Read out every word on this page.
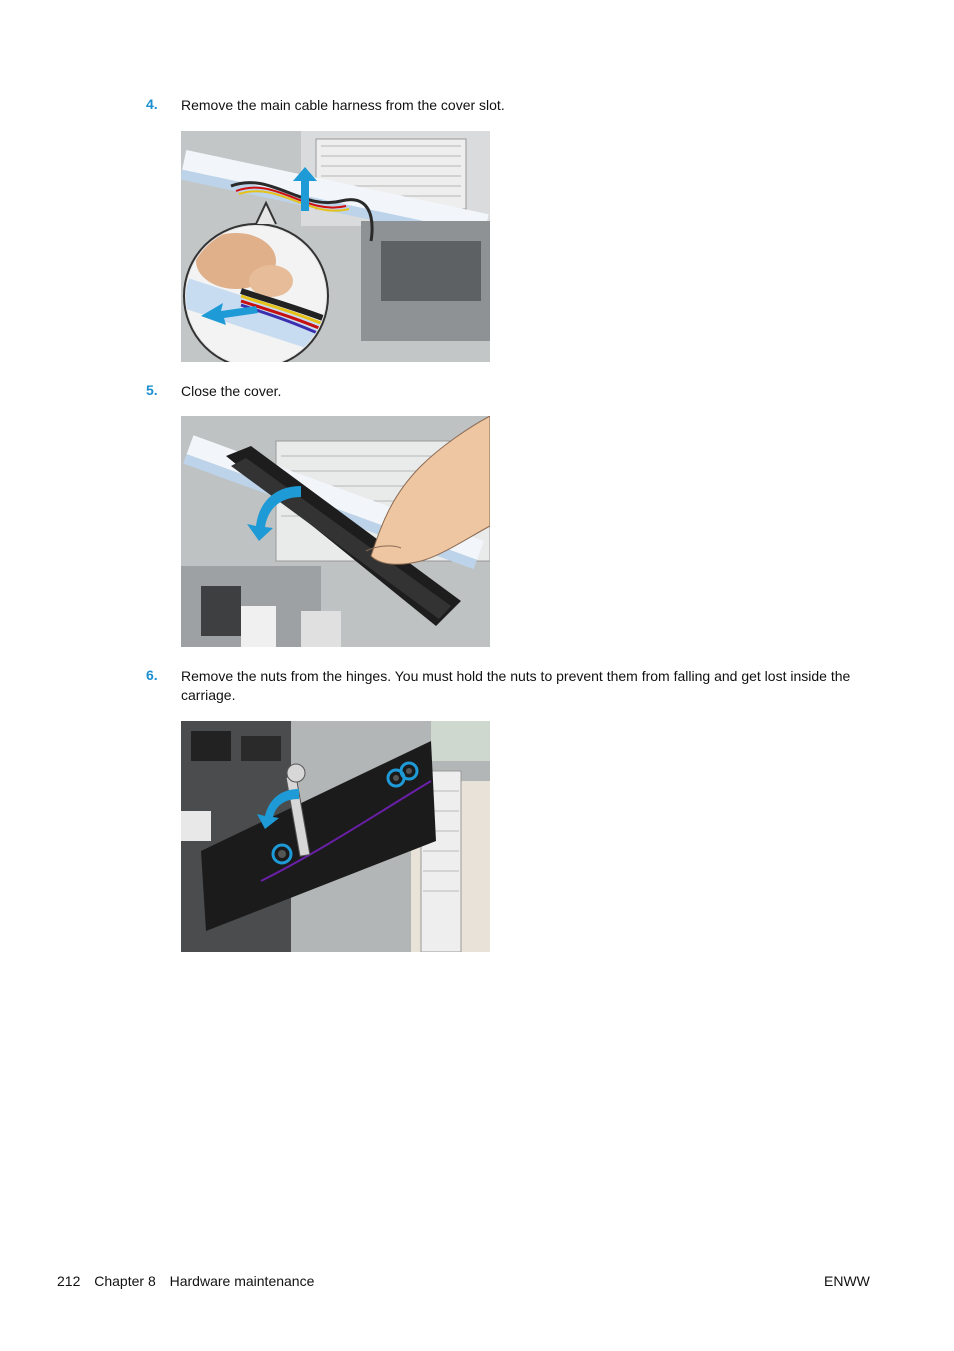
4. Remove the main cable harness from the cover slot.
5. Close the cover.
6. Remove the nuts from the hinges. You must hold the nuts to prevent them from falling and get lost inside the carriage.
212 Chapter 8 Hardware maintenance	ENWW
